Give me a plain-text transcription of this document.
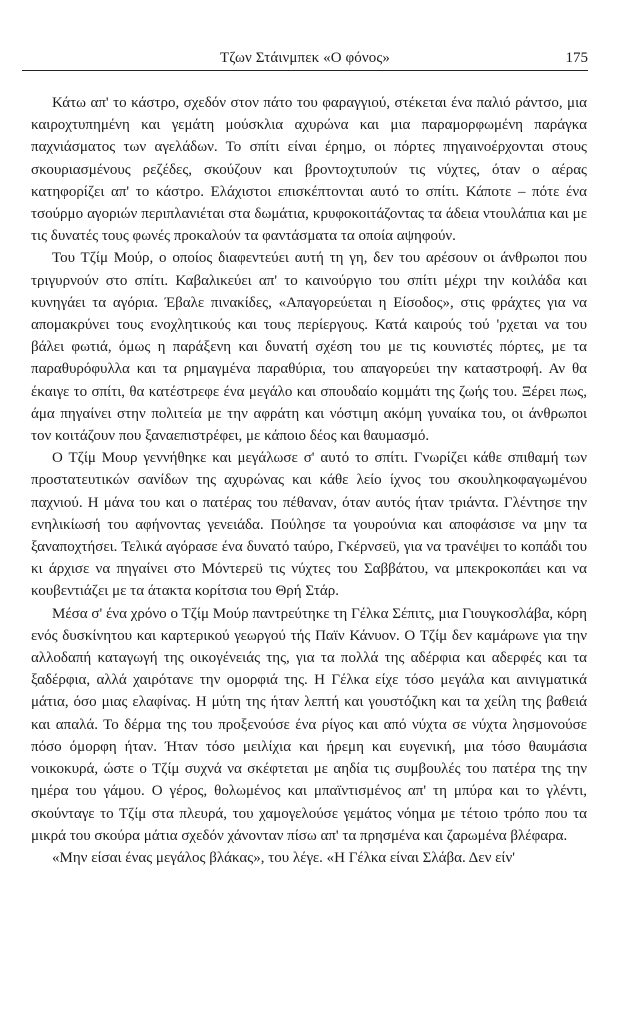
Τζων Στάινμπεκ «Ο φόνος»	175

Κάτω απ' το κάστρο, σχεδόν στον πάτο του φαραγγιού, στέκεται ένα παλιό ράντσο, μια καιροχτυπημένη και γεμάτη μούσκλια αχυρώνα και μια παραμορφωμένη παράγκα παχνιάσματος των αγελάδων. Το σπίτι είναι έρημο, οι πόρτες πηγαινοέρχονται στους σκουριασμένους ρεζέδες, σκούζουν και βροντοχτυπούν τις νύχτες, όταν ο αέρας κατηφορίζει απ' το κάστρο. Ελάχιστοι επισκέπτονται αυτό το σπίτι. Κάποτε – πότε ένα τσούρμο αγοριών περιπλανιέται στα δωμάτια, κρυφοκοιτάζοντας τα άδεια ντουλάπια και με τις δυνατές τους φωνές προκαλούν τα φαντάσματα τα οποία αψηφούν.

Του Τζίμ Μούρ, ο οποίος διαφεντεύει αυτή τη γη, δεν του αρέσουν οι άνθρωποι που τριγυρνούν στο σπίτι. Καβαλικεύει απ' το καινούργιο του σπίτι μέχρι την κοιλάδα και κυνηγάει τα αγόρια. Έβαλε πινακίδες, «Απαγορεύεται η Είσοδος», στις φράχτες για να απομακρύνει τους ενοχλητικούς και τους περίεργους. Κατά καιρούς τού 'ρχεται να του βάλει φωτιά, όμως η παράξενη και δυνατή σχέση του με τις κουνιστές πόρτες, με τα παραθυρόφυλλα και τα ρημαγμένα παραθύρια, του απαγορεύει την καταστροφή. Αν θα έκαιγε το σπίτι, θα κατέστρεφε ένα μεγάλο και σπουδαίο κομμάτι της ζωής του. Ξέρει πως, άμα πηγαίνει στην πολιτεία με την αφράτη και νόστιμη ακόμη γυναίκα του, οι άνθρωποι τον κοιτάζουν που ξαναεπιστρέφει, με κάποιο δέος και θαυμασμό.

Ο Τζίμ Μουρ γεννήθηκε και μεγάλωσε σ' αυτό το σπίτι. Γνωρίζει κάθε σπιθαμή των προστατευτικών σανίδων της αχυρώνας και κάθε λείο ίχνος του σκουληκοφαγωμένου παχνιού. Η μάνα του και ο πατέρας του πέθαναν, όταν αυτός ήταν τριάντα. Γλέντησε την ενηλικίωσή του αφήνοντας γενειάδα. Πούλησε τα γουρούνια και αποφάσισε να μην τα ξαναποχτήσει. Τελικά αγόρασε ένα δυνατό ταύρο, Γκέρνσεϋ, για να τρανέψει το κοπάδι του κι άρχισε να πηγαίνει στο Μόντερεϋ τις νύχτες του Σαββάτου, να μπεκροκοπάει και να κουβεντιάζει με τα άτακτα κορίτσια του Θρή Στάρ.

Μέσα σ' ένα χρόνο ο Τζίμ Μούρ παντρεύτηκε τη Γέλκα Σέπιτς, μια Γιουγκοσλάβα, κόρη ενός δυσκίνητου και καρτερικού γεωργού τής Παϊν Κάνυον. Ο Τζίμ δεν καμάρωνε για την αλλοδαπή καταγωγή της οικογένειάς της, για τα πολλά της αδέρφια και αδερφές και τα ξαδέρφια, αλλά χαιρότανε την ομορφιά της. Η Γέλκα είχε τόσο μεγάλα και αινιγματικά μάτια, όσο μιας ελαφίνας. Η μύτη της ήταν λεπτή και γουστόζικη και τα χείλη της βαθειά και απαλά. Το δέρμα της του προξενούσε ένα ρίγος και από νύχτα σε νύχτα λησμονούσε πόσο όμορφη ήταν. Ήταν τόσο μειλίχια και ήρεμη και ευγενική, μια τόσο θαυμάσια νοικοκυρά, ώστε ο Τζίμ συχνά να σκέφτεται με αηδία τις συμβουλές του πατέρα της την ημέρα του γάμου. Ο γέρος, θολωμένος και μπαϊντισμένος απ' τη μπύρα και το γλέντι, σκούνταγε το Τζίμ στα πλευρά, του χαμογελούσε γεμάτος νόημα με τέτοιο τρόπο που τα μικρά του σκούρα μάτια σχεδόν χάνονταν πίσω απ' τα πρησμένα και ζαρωμένα βλέφαρα.

«Μην είσαι ένας μεγάλος βλάκας», του λέγε. «Η Γέλκα είναι Σλάβα. Δεν είν'
